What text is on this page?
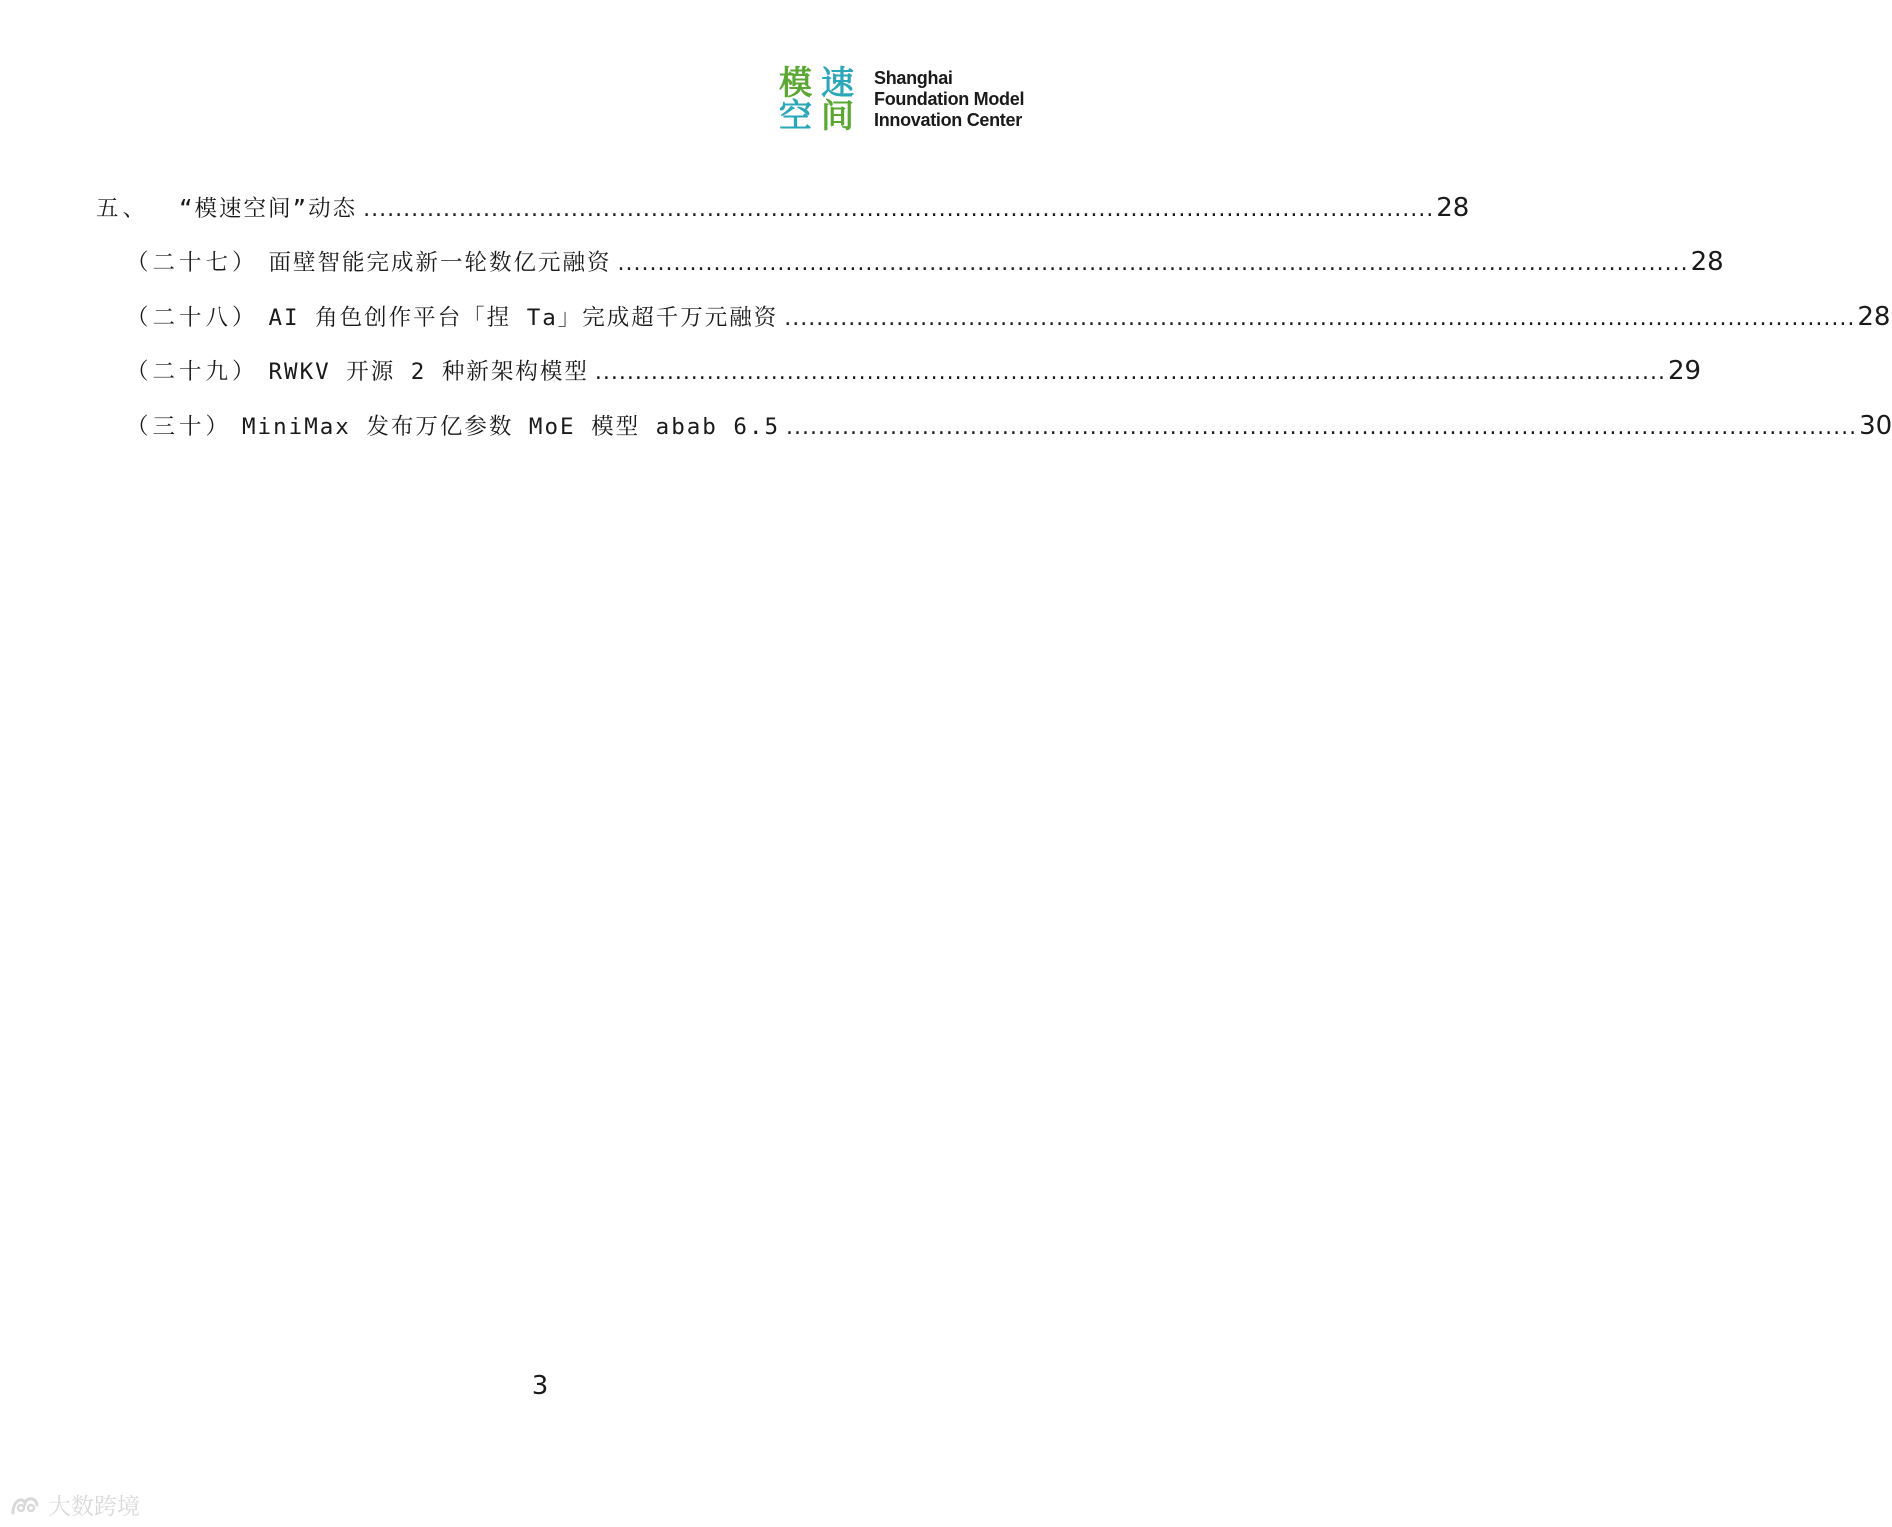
模 速
空 间
Shanghai
Foundation Model
Innovation Center
五、 “模速空间”动态 ...................................................................................................................................... 28
（二十七） 面壁智能完成新一轮数亿元融资 ...................................................................................................................................... 28
（二十八） AI 角色创作平台「捏 Ta」完成超千万元融资 ...................................................................................................................................... 28
（二十九） RWKV 开源 2 种新架构模型 ...................................................................................................................................... 29
（三十） MiniMax 发布万亿参数 MoE 模型 abab 6.5 ...................................................................................................................................... 30
3
大数跨境
